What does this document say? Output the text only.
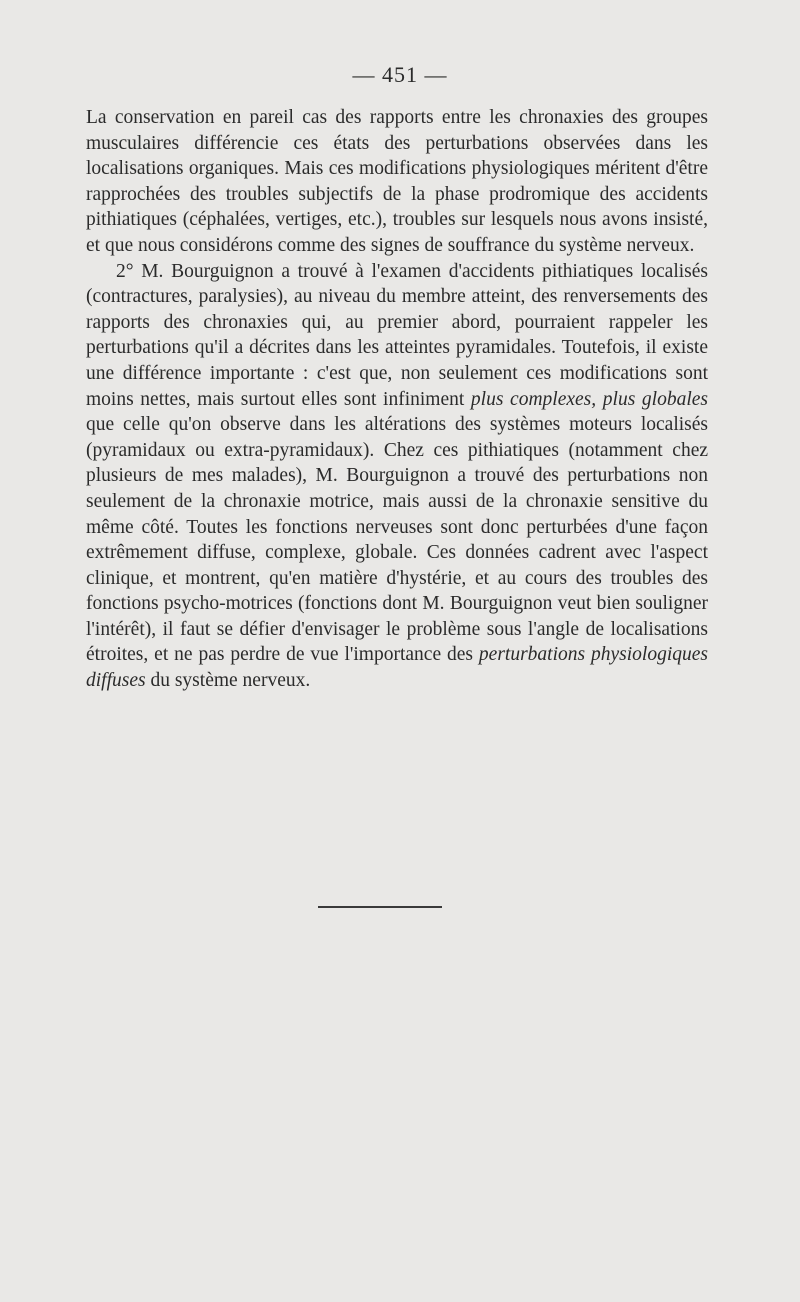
— 451 —

La conservation en pareil cas des rapports entre les chronaxies des groupes musculaires différencie ces états des perturbations observées dans les localisations organiques. Mais ces modifications physiologiques méritent d'être rapprochées des troubles subjectifs de la phase prodromique des accidents pithiatiques (céphalées, vertiges, etc.), troubles sur lesquels nous avons insisté, et que nous considérons comme des signes de souffrance du système nerveux.

2° M. Bourguignon a trouvé à l'examen d'accidents pithiatiques localisés (contractures, paralysies), au niveau du membre atteint, des renversements des rapports des chronaxies qui, au premier abord, pourraient rappeler les perturbations qu'il a décrites dans les atteintes pyramidales. Toutefois, il existe une différence importante : c'est que, non seulement ces modifications sont moins nettes, mais surtout elles sont infiniment plus complexes, plus globales que celle qu'on observe dans les altérations des systèmes moteurs localisés (pyramidaux ou extra-pyramidaux). Chez ces pithiatiques (notamment chez plusieurs de mes malades), M. Bourguignon a trouvé des perturbations non seulement de la chronaxie motrice, mais aussi de la chronaxie sensitive du même côté. Toutes les fonctions nerveuses sont donc perturbées d'une façon extrêmement diffuse, complexe, globale. Ces données cadrent avec l'aspect clinique, et montrent, qu'en matière d'hystérie, et au cours des troubles des fonctions psycho-motrices (fonctions dont M. Bourguignon veut bien souligner l'intérêt), il faut se défier d'envisager le problème sous l'angle de localisations étroites, et ne pas perdre de vue l'importance des perturbations physiologiques diffuses du système nerveux.
